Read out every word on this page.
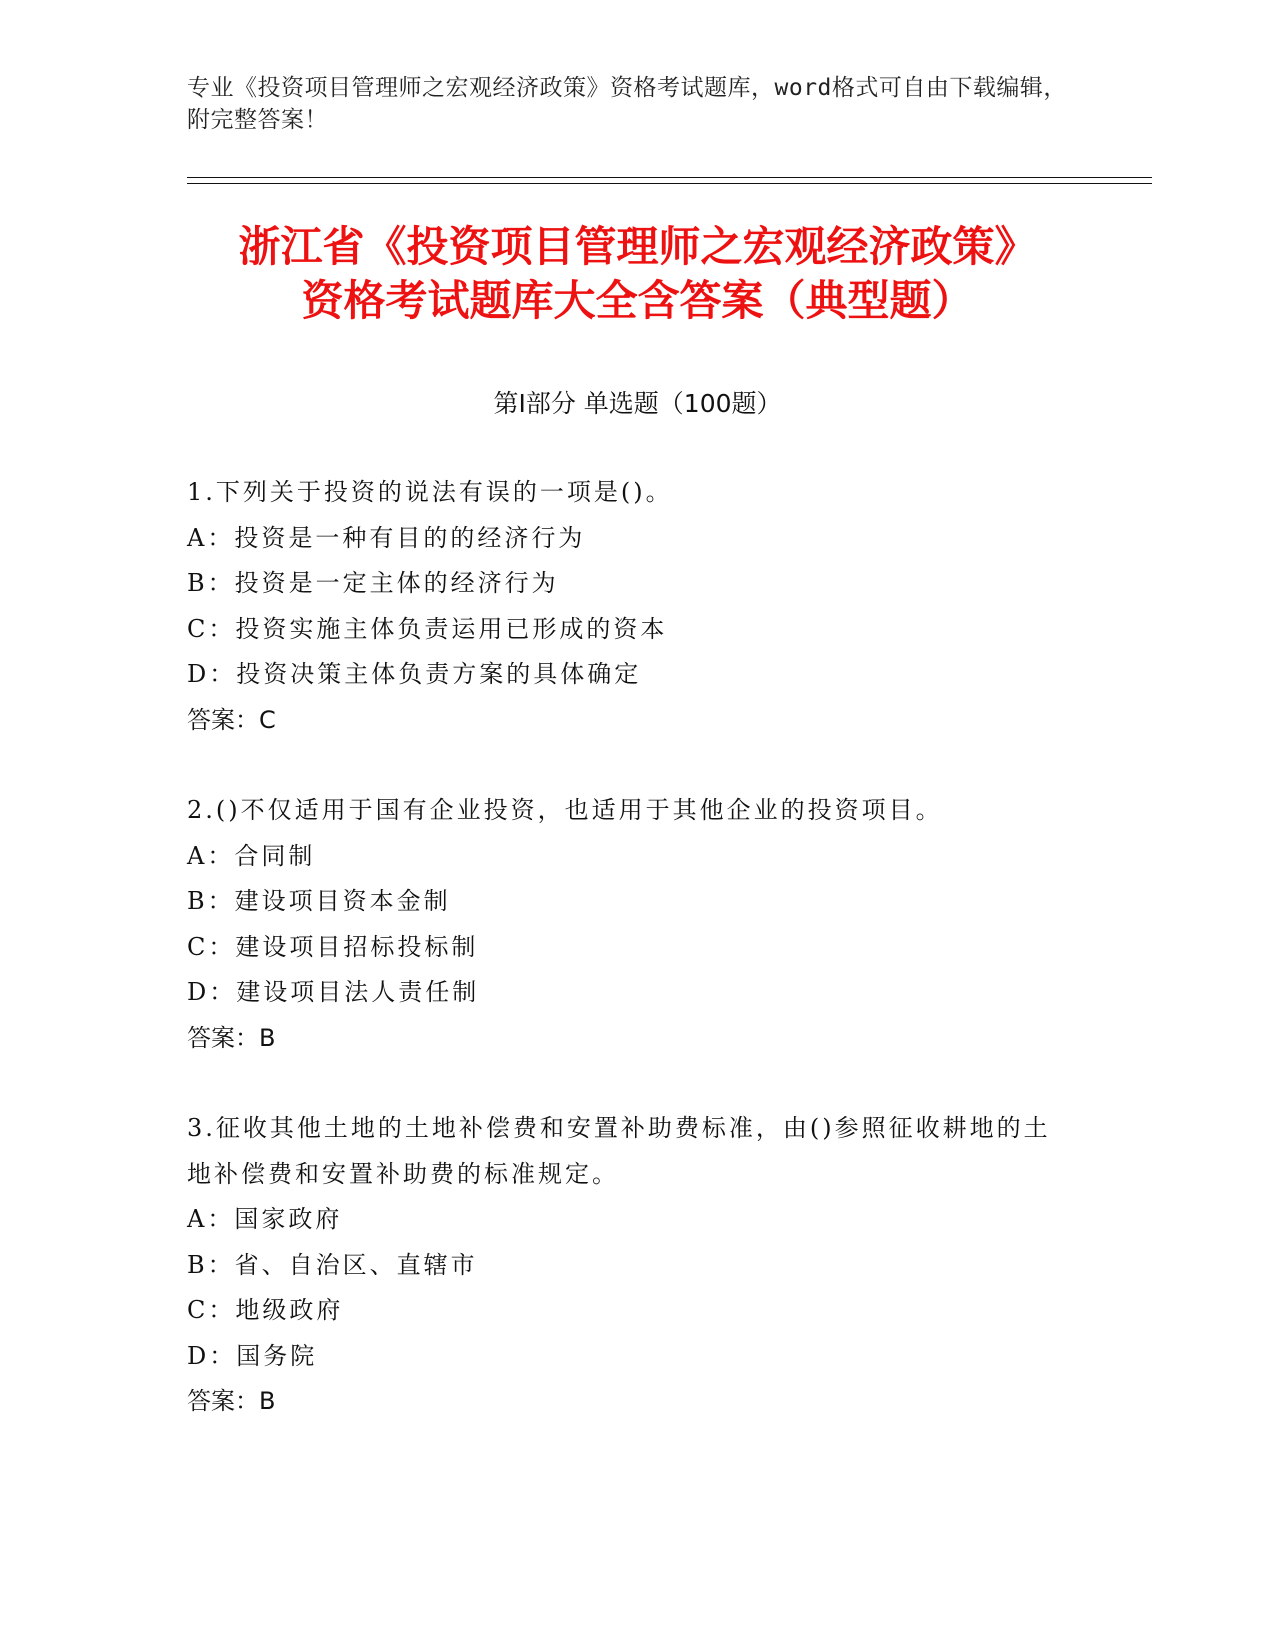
专业《投资项目管理师之宏观经济政策》资格考试题库，word格式可自由下载编辑，附完整答案！
浙江省《投资项目管理师之宏观经济政策》
资格考试题库大全含答案（典型题）
第Ⅰ部分 单选题（100题）
1.下列关于投资的说法有误的一项是()。
A：投资是一种有目的的经济行为
B：投资是一定主体的经济行为
C：投资实施主体负责运用已形成的资本
D：投资决策主体负责方案的具体确定
答案：C
2.()不仅适用于国有企业投资，也适用于其他企业的投资项目。
A：合同制
B：建设项目资本金制
C：建设项目招标投标制
D：建设项目法人责任制
答案：B
3.征收其他土地的土地补偿费和安置补助费标准，由()参照征收耕地的土地补偿费和安置补助费的标准规定。
A：国家政府
B：省、自治区、直辖市
C：地级政府
D：国务院
答案：B
